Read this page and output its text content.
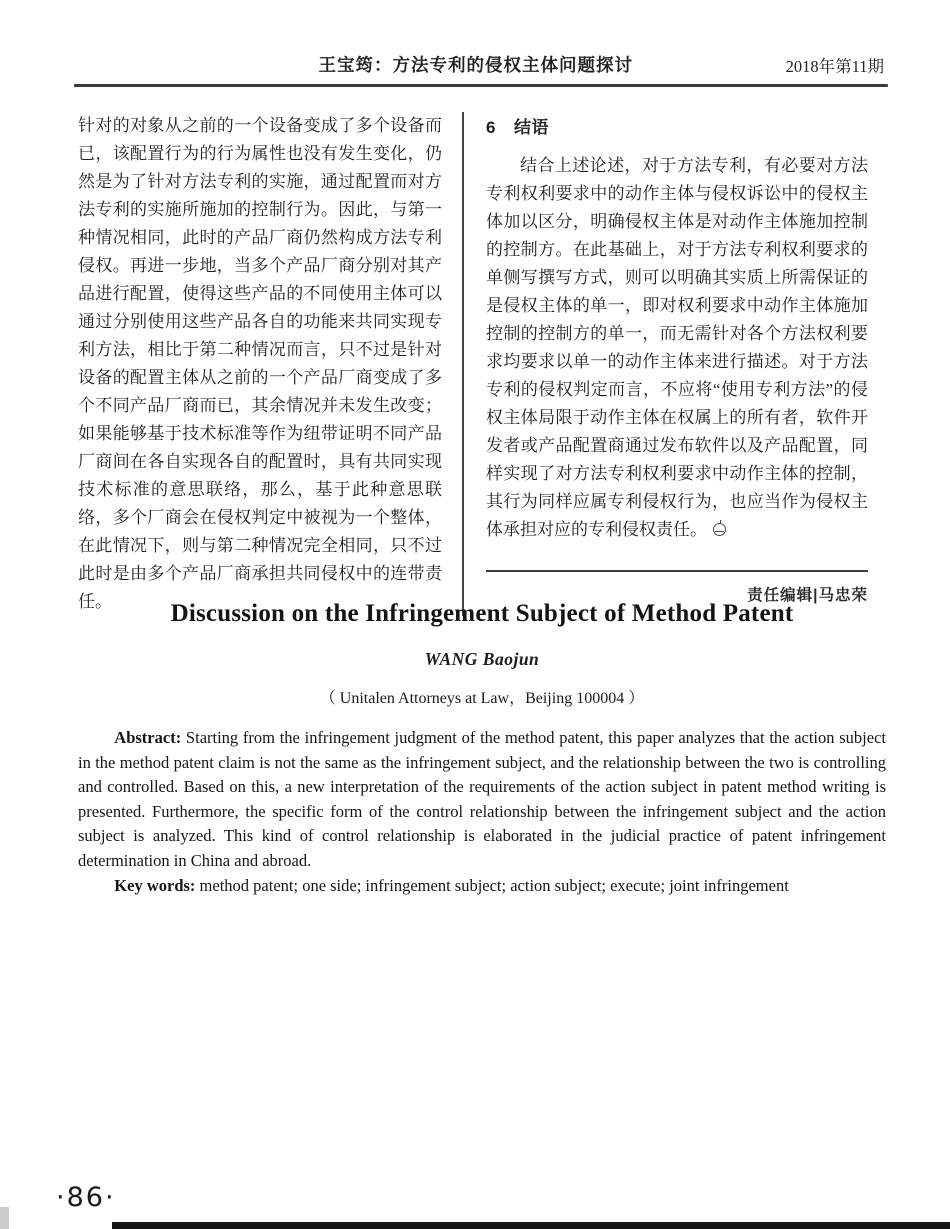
王宝筠：方法专利的侵权主体问题探讨	2018年第11期

针对的对象从之前的一个设备变成了多个设备而已，该配置行为的行为属性也没有发生变化，仍然是为了针对方法专利的实施，通过配置而对方法专利的实施所施加的控制行为。因此，与第一种情况相同，此时的产品厂商仍然构成方法专利侵权。再进一步地，当多个产品厂商分别对其产品进行配置，使得这些产品的不同使用主体可以通过分别使用这些产品各自的功能来共同实现专利方法，相比于第二种情况而言，只不过是针对设备的配置主体从之前的一个产品厂商变成了多个不同产品厂商而已，其余情况并未发生改变；如果能够基于技术标准等作为纽带证明不同产品厂商间在各自实现各自的配置时，具有共同实现技术标准的意思联络，那么，基于此种意思联络，多个厂商会在侵权判定中被视为一个整体，在此情况下，则与第二种情况完全相同，只不过此时是由多个产品厂商承担共同侵权中的连带责任。

6 结语

结合上述论述，对于方法专利，有必要对方法专利权利要求中的动作主体与侵权诉讼中的侵权主体加以区分，明确侵权主体是对动作主体施加控制的控制方。在此基础上，对于方法专利权利要求的单侧写撰写方式，则可以明确其实质上所需保证的是侵权主体的单一，即对权利要求中动作主体施加控制的控制方的单一，而无需针对各个方法权利要求均要求以单一的动作主体来进行描述。对于方法专利的侵权判定而言，不应将“使用专利方法”的侵权主体局限于动作主体在权属上的所有者，软件开发者或产品配置商通过发布软件以及产品配置，同样实现了对方法专利权利要求中动作主体的控制，其行为同样应属专利侵权行为，也应当作为侵权主体承担对应的专利侵权责任。

责任编辑|马忠荣
Discussion on the Infringement Subject of Method Patent
WANG Baojun
（ Unitalen Attorneys at Law，Beijing 100004 ）

Abstract: Starting from the infringement judgment of the method patent, this paper analyzes that the action subject in the method patent claim is not the same as the infringement subject, and the relationship between the two is controlling and controlled. Based on this, a new interpretation of the requirements of the action subject in patent method writing is presented. Furthermore, the specific form of the control relationship between the infringement subject and the action subject is analyzed. This kind of control relationship is elaborated in the judicial practice of patent infringement determination in China and abroad.

Key words: method patent; one side; infringement subject; action subject; execute; joint infringement

·86·
